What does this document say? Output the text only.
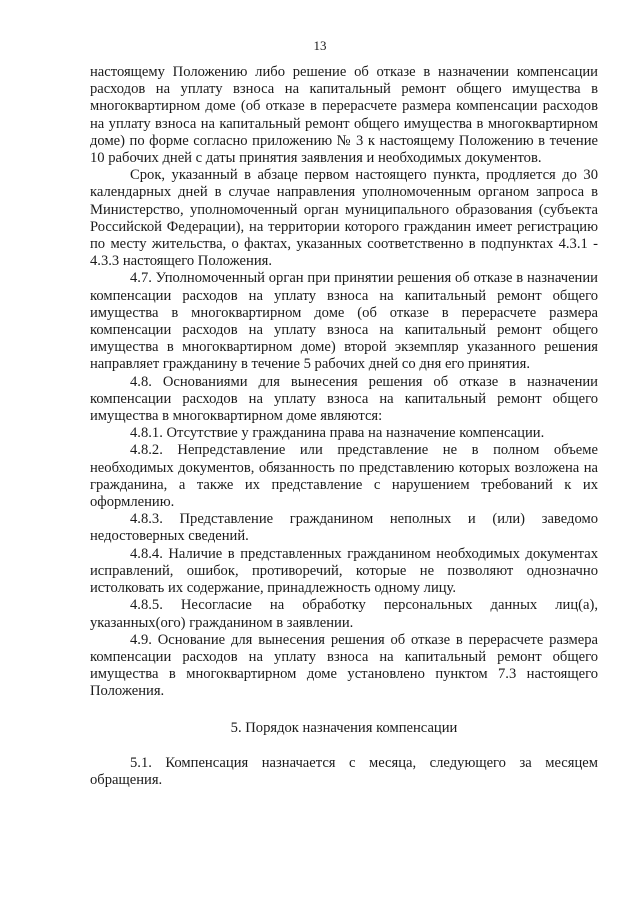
13

настоящему Положению либо решение об отказе в назначении компенсации расходов на уплату взноса на капитальный ремонт общего имущества в многоквартирном доме (об отказе в перерасчете размера компенсации расходов на уплату взноса на капитальный ремонт общего имущества в многоквартирном доме) по форме согласно приложению № 3 к настоящему Положению в течение 10 рабочих дней с даты принятия заявления и необходимых документов.

Срок, указанный в абзаце первом настоящего пункта, продляется до 30 календарных дней в случае направления уполномоченным органом запроса в Министерство, уполномоченный орган муниципального образования (субъекта Российской Федерации), на территории которого гражданин имеет регистрацию по месту жительства, о фактах, указанных соответственно в подпунктах 4.3.1 - 4.3.3 настоящего Положения.

4.7. Уполномоченный орган при принятии решения об отказе в назначении компенсации расходов на уплату взноса на капитальный ремонт общего имущества в многоквартирном доме (об отказе в перерасчете размера компенсации расходов на уплату взноса на капитальный ремонт общего имущества в многоквартирном доме) второй экземпляр указанного решения направляет гражданину в течение 5 рабочих дней со дня его принятия.

4.8. Основаниями для вынесения решения об отказе в назначении компенсации расходов на уплату взноса на капитальный ремонт общего имущества в многоквартирном доме являются:

4.8.1. Отсутствие у гражданина права на назначение компенсации.

4.8.2. Непредставление или представление не в полном объеме необходимых документов, обязанность по представлению которых возложена на гражданина, а также их представление с нарушением требований к их оформлению.

4.8.3. Представление гражданином неполных и (или) заведомо недостоверных сведений.

4.8.4. Наличие в представленных гражданином необходимых документах исправлений, ошибок, противоречий, которые не позволяют однозначно истолковать их содержание, принадлежность одному лицу.

4.8.5. Несогласие на обработку персональных данных лиц(а), указанных(ого) гражданином в заявлении.

4.9. Основание для вынесения решения об отказе в перерасчете размера компенсации расходов на уплату взноса на капитальный ремонт общего имущества в многоквартирном доме установлено пунктом 7.3 настоящего Положения.

5. Порядок назначения компенсации

5.1. Компенсация назначается с месяца, следующего за месяцем обращения.
